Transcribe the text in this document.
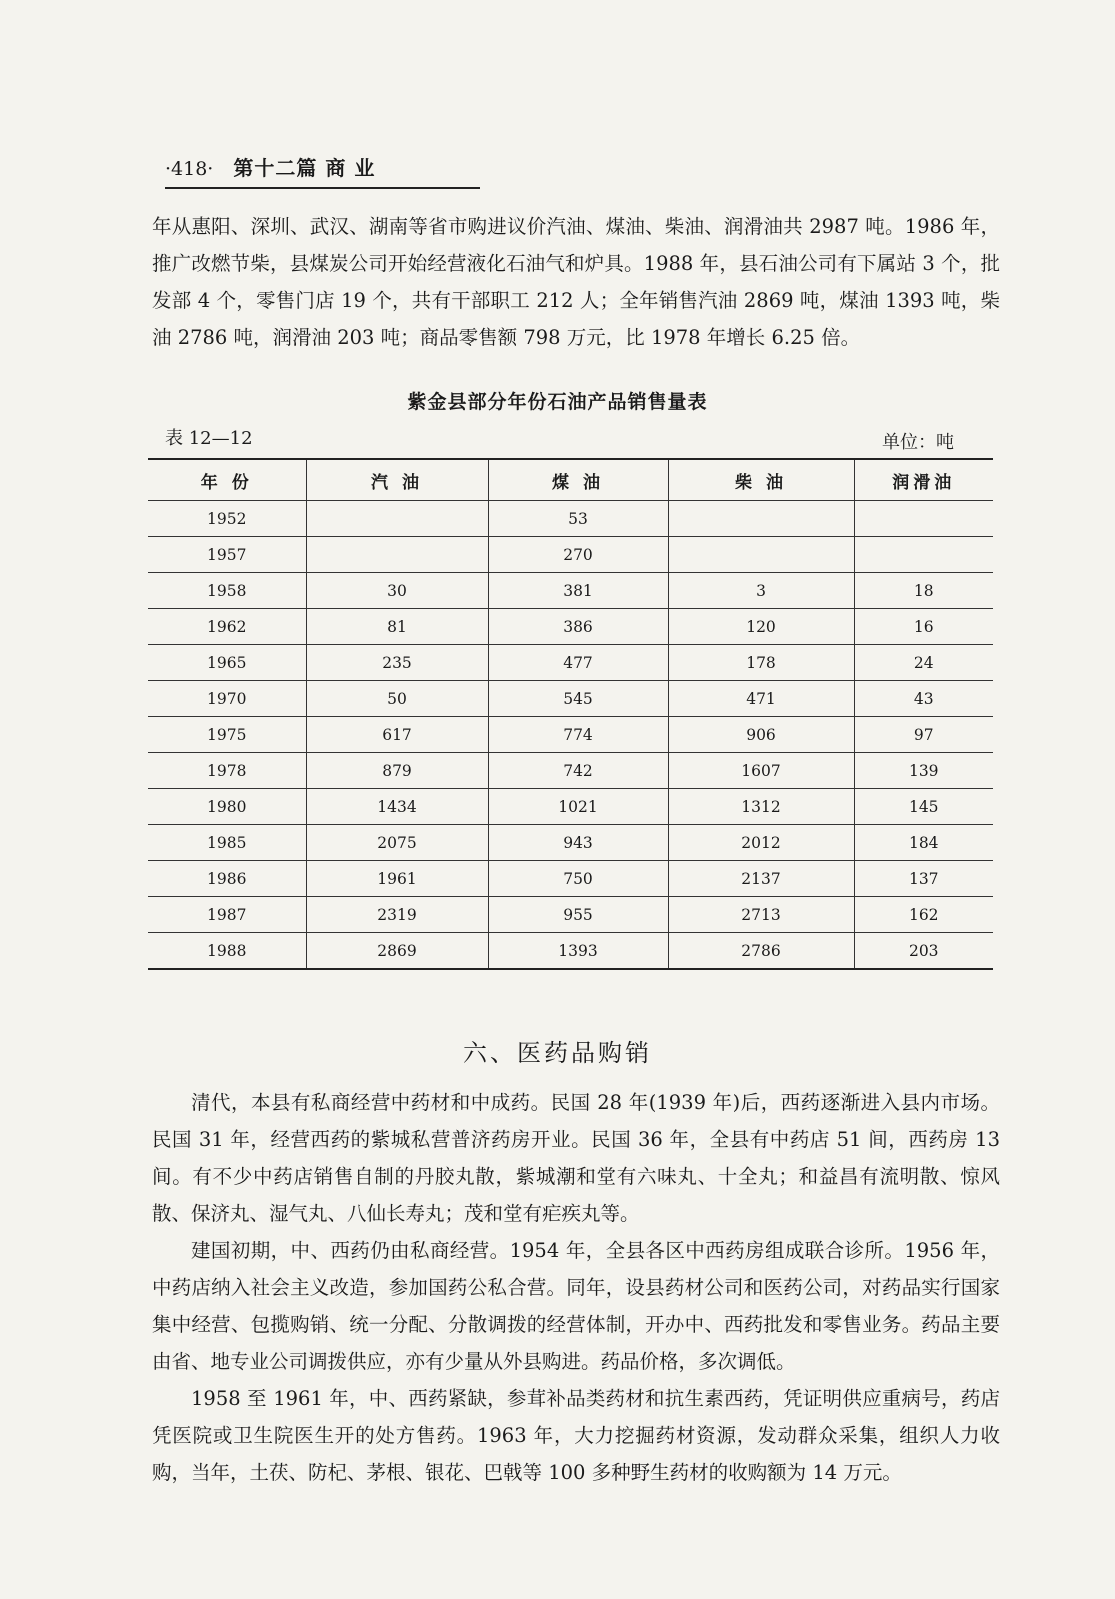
·418· 第十二篇 商 业

年从惠阳、深圳、武汉、湖南等省市购进议价汽油、煤油、柴油、润滑油共 2987 吨。1986 年，推广改燃节柴，县煤炭公司开始经营液化石油气和炉具。1988 年，县石油公司有下属站 3 个，批发部 4 个，零售门店 19 个，共有干部职工 212 人；全年销售汽油 2869 吨，煤油 1393 吨，柴油 2786 吨，润滑油 203 吨；商品零售额 798 万元，比 1978 年增长 6.25 倍。

紫金县部分年份石油产品销售量表
表 12—12	单位：吨
年 份	汽 油	煤 油	柴 油	润滑油
1952		53		
1957		270		
1958	30	381	3	18
1962	81	386	120	16
1965	235	477	178	24
1970	50	545	471	43
1975	617	774	906	97
1978	879	742	1607	139
1980	1434	1021	1312	145
1985	2075	943	2012	184
1986	1961	750	2137	137
1987	2319	955	2713	162
1988	2869	1393	2786	203
六、医药品购销

清代，本县有私商经营中药材和中成药。民国 28 年(1939 年)后，西药逐渐进入县内市场。民国 31 年，经营西药的紫城私营普济药房开业。民国 36 年，全县有中药店 51 间，西药房 13 间。有不少中药店销售自制的丹胶丸散，紫城潮和堂有六味丸、十全丸；和益昌有流明散、惊风散、保济丸、湿气丸、八仙长寿丸；茂和堂有疟疾丸等。

建国初期，中、西药仍由私商经营。1954 年，全县各区中西药房组成联合诊所。1956 年，中药店纳入社会主义改造，参加国药公私合营。同年，设县药材公司和医药公司，对药品实行国家集中经营、包揽购销、统一分配、分散调拨的经营体制，开办中、西药批发和零售业务。药品主要由省、地专业公司调拨供应，亦有少量从外县购进。药品价格，多次调低。

1958 至 1961 年，中、西药紧缺，参茸补品类药材和抗生素西药，凭证明供应重病号，药店凭医院或卫生院医生开的处方售药。1963 年，大力挖掘药材资源，发动群众采集，组织人力收购，当年，土茯、防杞、茅根、银花、巴戟等 100 多种野生药材的收购额为 14 万元。
